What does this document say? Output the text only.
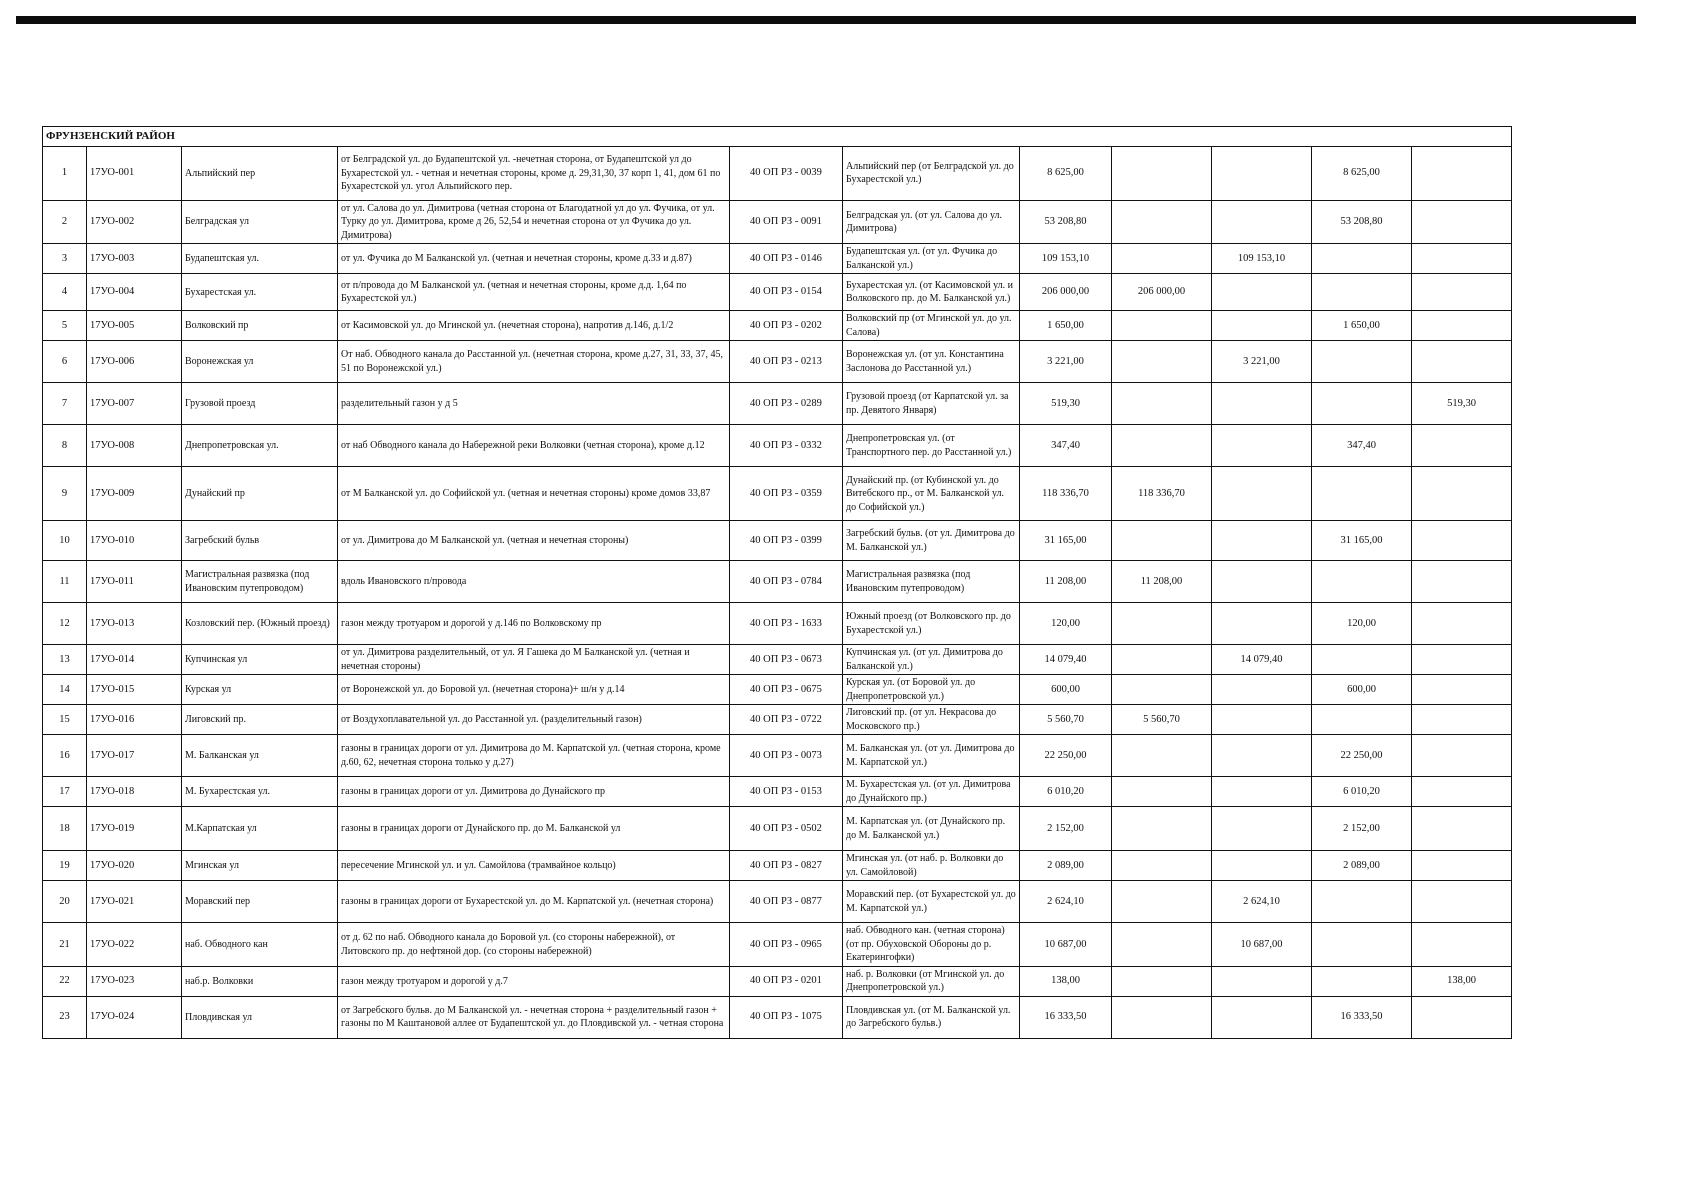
ФРУНЗЕНСКИЙ РАЙОН										
1	17УО-001	Альпийский пер	от Белградской ул. до Будапештской ул. -нечетная сторона, от Будапештской ул до Бухарестской ул. - четная и нечетная стороны, кроме д. 29,31,30, 37 корп 1, 41, дом 61 по Бухарестской ул. угол Альпийского пер.	40 ОП РЗ - 0039	Альпийский пер (от Белградской ул. до Бухарестской ул.)	8 625,00			8 625,00	
2	17УО-002	Белградская ул	от ул. Салова до ул. Димитрова (четная сторона от Благодатной ул до ул. Фучика, от ул. Турку до ул. Димитрова, кроме д 26, 52,54 и нечетная сторона от ул Фучика до ул. Димитрова)	40 ОП РЗ - 0091	Белградская ул. (от ул. Салова до ул. Димитрова)	53 208,80			53 208,80	
3	17УО-003	Будапештская ул.	от ул. Фучика до М Балканской ул. (четная и нечетная стороны, кроме д.33 и д.87)	40 ОП РЗ - 0146	Будапештская ул. (от ул. Фучика до Балканской ул.)	109 153,10		109 153,10		
4	17УО-004	Бухарестская ул.	от п/провода до М Балканской ул. (четная и нечетная стороны, кроме д.д. 1,64 по Бухарестской ул.)	40 ОП РЗ - 0154	Бухарестская ул. (от Касимовской ул. и Волковского пр. до М. Балканской ул.)	206 000,00	206 000,00			
5	17УО-005	Волковский пр	от Касимовской ул. до Мгинской ул. (нечетная сторона), напротив д.146, д.1/2	40 ОП РЗ - 0202	Волковский пр (от Мгинской ул. до ул. Салова)	1 650,00			1 650,00	
6	17УО-006	Воронежская ул	От наб. Обводного канала до Расстанной ул. (нечетная сторона, кроме д.27, 31, 33, 37, 45, 51 по Воронежской ул.)	40 ОП РЗ - 0213	Воронежская ул. (от ул. Константина Заслонова до Расстанной ул.)	3 221,00		3 221,00		
7	17УО-007	Грузовой проезд	разделительный газон у д 5	40 ОП РЗ - 0289	Грузовой проезд (от Карпатской ул. за пр. Девятого Января)	519,30				519,30
8	17УО-008	Днепропетровская ул.	от наб Обводного канала до Набережной реки Волковки (четная сторона), кроме д.12	40 ОП РЗ - 0332	Днепропетровская ул. (от Транспортного пер. до Расстанной ул.)	347,40			347,40	
9	17УО-009	Дунайский пр	от М Балканской ул. до Софийской ул. (четная и нечетная стороны) кроме домов 33,87	40 ОП РЗ - 0359	Дунайский пр. (от Кубинской ул. до Витебского пр., от М. Балканской ул. до Софийской ул.)	118 336,70	118 336,70			
10	17УО-010	Загребский бульв	от ул. Димитрова до М Балканской ул. (четная и нечетная стороны)	40 ОП РЗ - 0399	Загребский бульв. (от ул. Димитрова до М. Балканской ул.)	31 165,00			31 165,00	
11	17УО-011	Магистральная развязка (под Ивановским путепроводом)	вдоль Ивановского п/провода	40 ОП РЗ - 0784	Магистральная развязка (под Ивановским путепроводом)	11 208,00	11 208,00			
12	17УО-013	Козловский пер. (Южный проезд)	газон между тротуаром и дорогой у д.146 по Волковскому пр	40 ОП РЗ - 1633	Южный проезд (от Волковского пр. до Бухарестской ул.)	120,00			120,00	
13	17УО-014	Купчинская ул	от ул. Димитрова разделительный, от ул. Я Гашека до М Балканской ул. (четная и нечетная стороны)	40 ОП РЗ - 0673	Купчинская ул. (от ул. Димитрова до Балканской ул.)	14 079,40		14 079,40		
14	17УО-015	Курская ул	от Воронежской ул. до Боровой ул. (нечетная сторона)+ ш/н у д.14	40 ОП РЗ - 0675	Курская ул. (от Боровой ул. до Днепропетровской ул.)	600,00			600,00	
15	17УО-016	Лиговский пр.	от Воздухоплавательной ул. до Расстанной ул. (разделительный газон)	40 ОП РЗ - 0722	Лиговский пр. (от ул. Некрасова до Московского пр.)	5 560,70	5 560,70			
16	17УО-017	М. Балканская ул	газоны в границах дороги от ул. Димитрова до М. Карпатской ул. (четная сторона, кроме д.60, 62, нечетная сторона только у д.27)	40 ОП РЗ - 0073	М. Балканская ул. (от ул. Димитрова до М. Карпатской ул.)	22 250,00			22 250,00	
17	17УО-018	М. Бухарестская ул.	газоны в границах дороги от ул. Димитрова до Дунайского пр	40 ОП РЗ - 0153	М. Бухарестская ул. (от ул. Димитрова до Дунайского пр.)	6 010,20			6 010,20	
18	17УО-019	М.Карпатская ул	газоны в границах дороги от Дунайского пр. до М. Балканской ул	40 ОП РЗ - 0502	М. Карпатская ул. (от Дунайского пр. до М. Балканской ул.)	2 152,00			2 152,00	
19	17УО-020	Мгинская ул	пересечение Мгинской ул. и ул. Самойлова (трамвайное кольцо)	40 ОП РЗ - 0827	Мгинская ул. (от наб. р. Волковки до ул. Самойловой)	2 089,00			2 089,00	
20	17УО-021	Моравский пер	газоны в границах дороги от Бухарестской ул. до М. Карпатской ул. (нечетная сторона)	40 ОП РЗ - 0877	Моравский пер. (от Бухарестской ул. до М. Карпатской ул.)	2 624,10		2 624,10		
21	17УО-022	наб. Обводного кан	от д. 62 по наб. Обводного канала до Боровой ул. (со стороны набережной), от Литовского пр. до нефтяной дор. (со стороны набережной)	40 ОП РЗ - 0965	наб. Обводного кан. (четная сторона) (от пр. Обуховской Обороны до р. Екатерингофки)	10 687,00		10 687,00		
22	17УО-023	наб.р. Волковки	газон между тротуаром и дорогой у д.7	40 ОП РЗ - 0201	наб. р. Волковки (от Мгинской ул. до Днепропетровской ул.)	138,00				138,00
23	17УО-024	Пловдивская ул	от Загребского бульв. до М Балканской ул. - нечетная сторона + разделительный газон + газоны по М Каштановой аллее от Будапештской ул. до Пловдивской ул. - четная сторона	40 ОП РЗ - 1075	Пловдивская ул. (от М. Балканской ул. до Загребского бульв.)	16 333,50			16 333,50	
